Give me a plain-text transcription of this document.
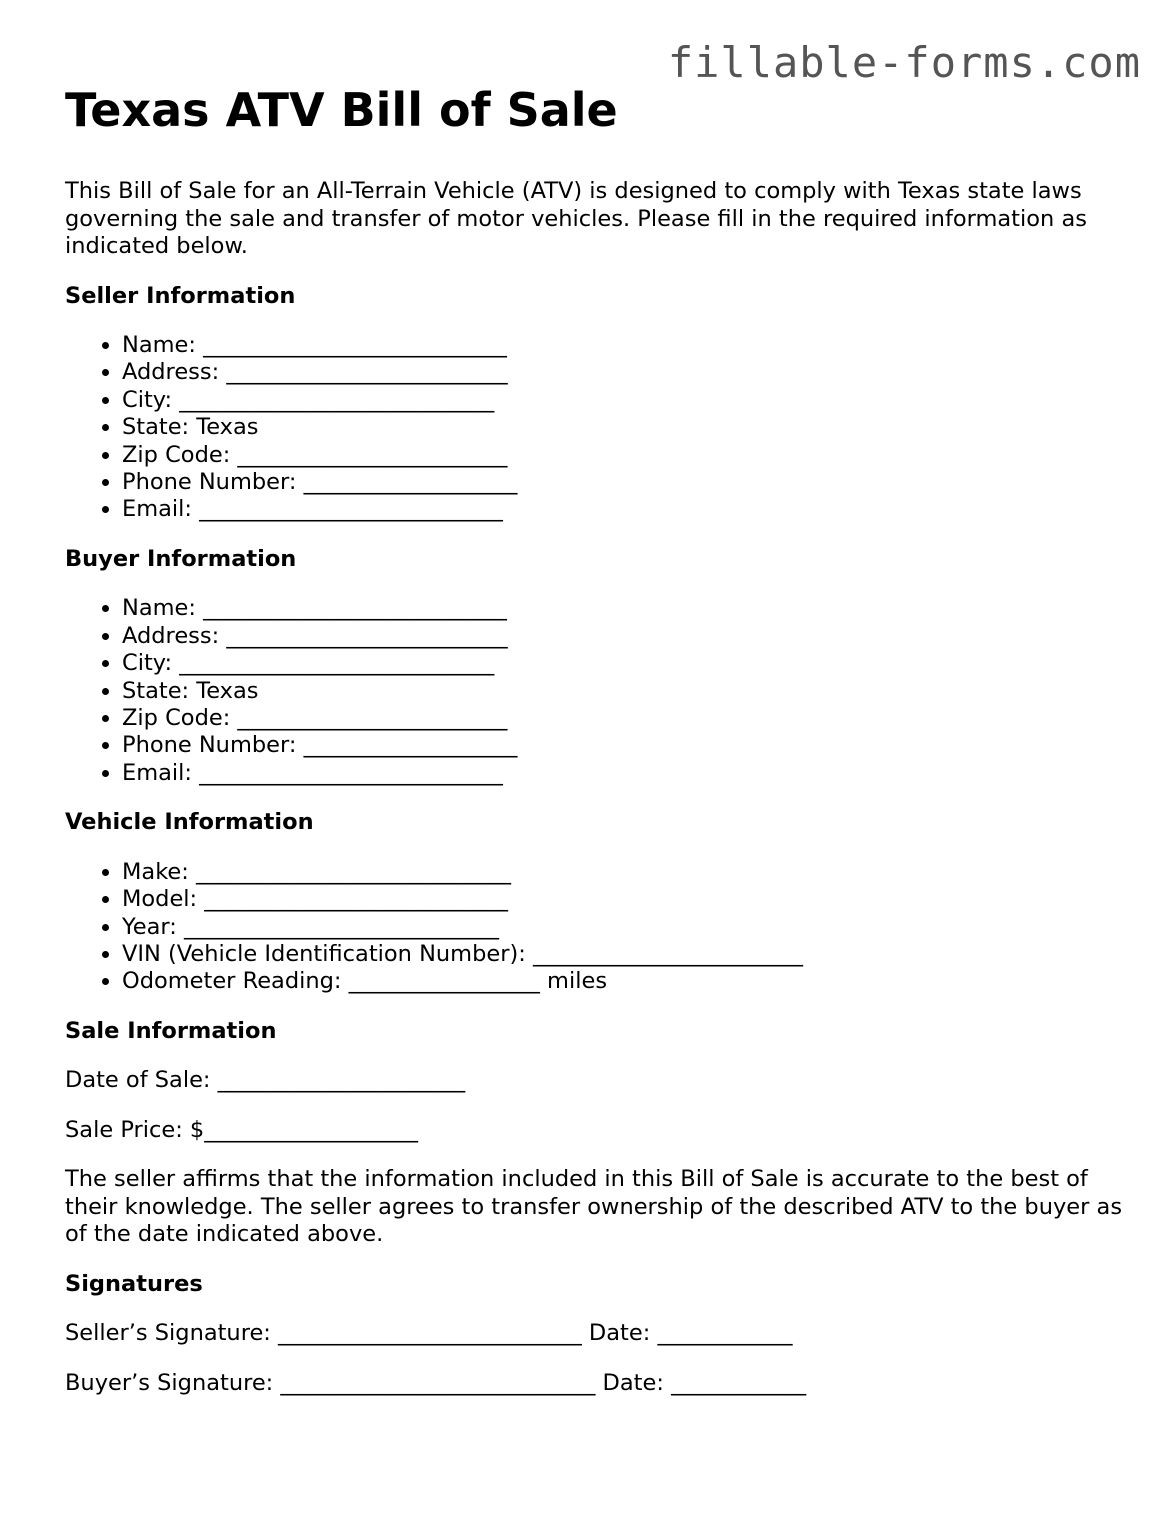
fillable-forms.com
Texas ATV Bill of Sale

This Bill of Sale for an All-Terrain Vehicle (ATV) is designed to comply with Texas state laws governing the sale and transfer of motor vehicles. Please fill in the required information as indicated below.

Seller Information
• Name: ___________________________
• Address: _________________________
• City: ____________________________
• State: Texas
• Zip Code: ________________________
• Phone Number: ___________________
• Email: ___________________________
Buyer Information
• Name: ___________________________
• Address: _________________________
• City: ____________________________
• State: Texas
• Zip Code: ________________________
• Phone Number: ___________________
• Email: ___________________________
Vehicle Information
• Make: ____________________________
• Model: ___________________________
• Year: ____________________________
• VIN (Vehicle Identification Number): ________________________
• Odometer Reading: _________________ miles
Sale Information

Date of Sale: ______________________

Sale Price: $___________________

The seller affirms that the information included in this Bill of Sale is accurate to the best of their knowledge. The seller agrees to transfer ownership of the described ATV to the buyer as of the date indicated above.

Signatures

Seller’s Signature: ___________________________ Date: ____________

Buyer’s Signature: ____________________________ Date: ____________
